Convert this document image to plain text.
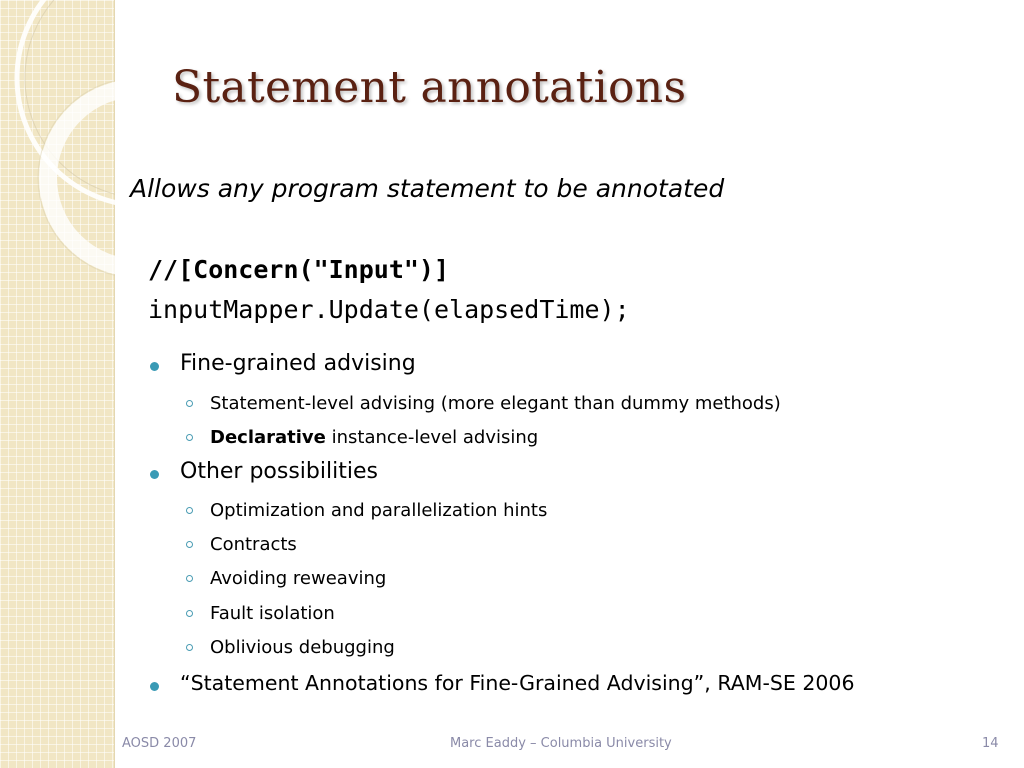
Statement annotations

Allows any program statement to be annotated

//[Concern("Input")]
inputMapper.Update(elapsedTime);
Fine-grained advising
Statement-level advising (more elegant than dummy methods)
Declarative instance-level advising
Other possibilities
Optimization and parallelization hints
Contracts
Avoiding reweaving
Fault isolation
Oblivious debugging
“Statement Annotations for Fine-Grained Advising”, RAM-SE 2006
AOSD 2007	Marc Eaddy – Columbia University	14
